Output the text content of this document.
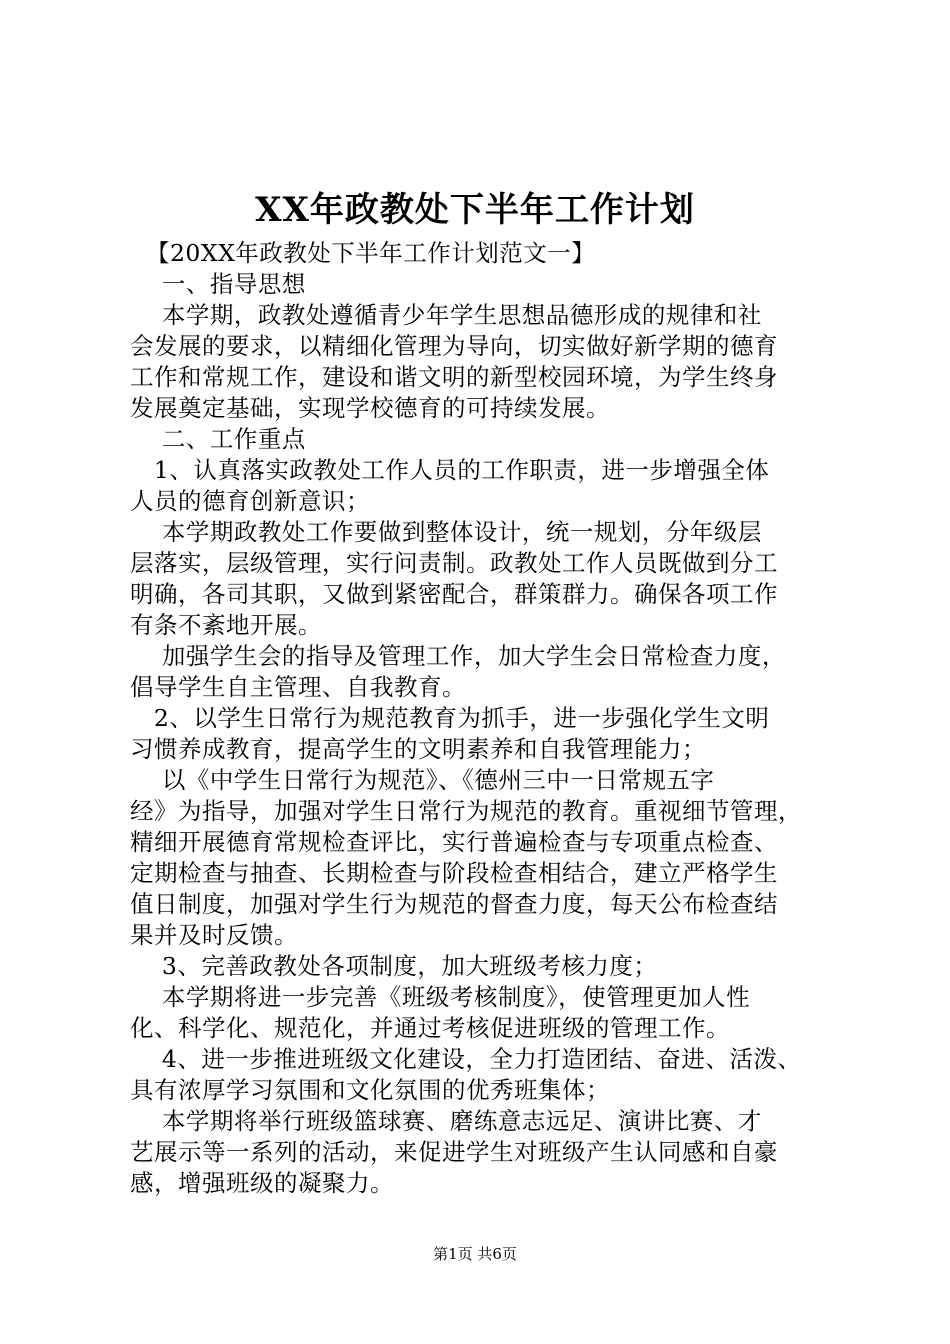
XX年政教处下半年工作计划
【20XX年政教处下半年工作计划范文一】
一、指导思想
本学期，政教处遵循青少年学生思想品德形成的规律和社
会发展的要求，以精细化管理为导向，切实做好新学期的德育
工作和常规工作，建设和谐文明的新型校园环境，为学生终身
发展奠定基础，实现学校德育的可持续发展。
二、工作重点
1、认真落实政教处工作人员的工作职责，进一步增强全体
人员的德育创新意识；
本学期政教处工作要做到整体设计，统一规划，分年级层
层落实，层级管理，实行问责制。政教处工作人员既做到分工
明确，各司其职，又做到紧密配合，群策群力。确保各项工作
有条不紊地开展。
加强学生会的指导及管理工作，加大学生会日常检查力度，
倡导学生自主管理、自我教育。
2、以学生日常行为规范教育为抓手，进一步强化学生文明
习惯养成教育，提高学生的文明素养和自我管理能力；
以《中学生日常行为规范》、《德州三中一日常规五字
经》为指导，加强对学生日常行为规范的教育。重视细节管理，
精细开展德育常规检查评比，实行普遍检查与专项重点检查、
定期检查与抽查、长期检查与阶段检查相结合，建立严格学生
值日制度，加强对学生行为规范的督查力度，每天公布检查结
果并及时反馈。
3、完善政教处各项制度，加大班级考核力度；
本学期将进一步完善《班级考核制度》，使管理更加人性
化、科学化、规范化，并通过考核促进班级的管理工作。
4、进一步推进班级文化建设，全力打造团结、奋进、活泼、
具有浓厚学习氛围和文化氛围的优秀班集体；
本学期将举行班级篮球赛、磨练意志远足、演讲比赛、才
艺展示等一系列的活动，来促进学生对班级产生认同感和自豪
感，增强班级的凝聚力。
第1页 共6页
